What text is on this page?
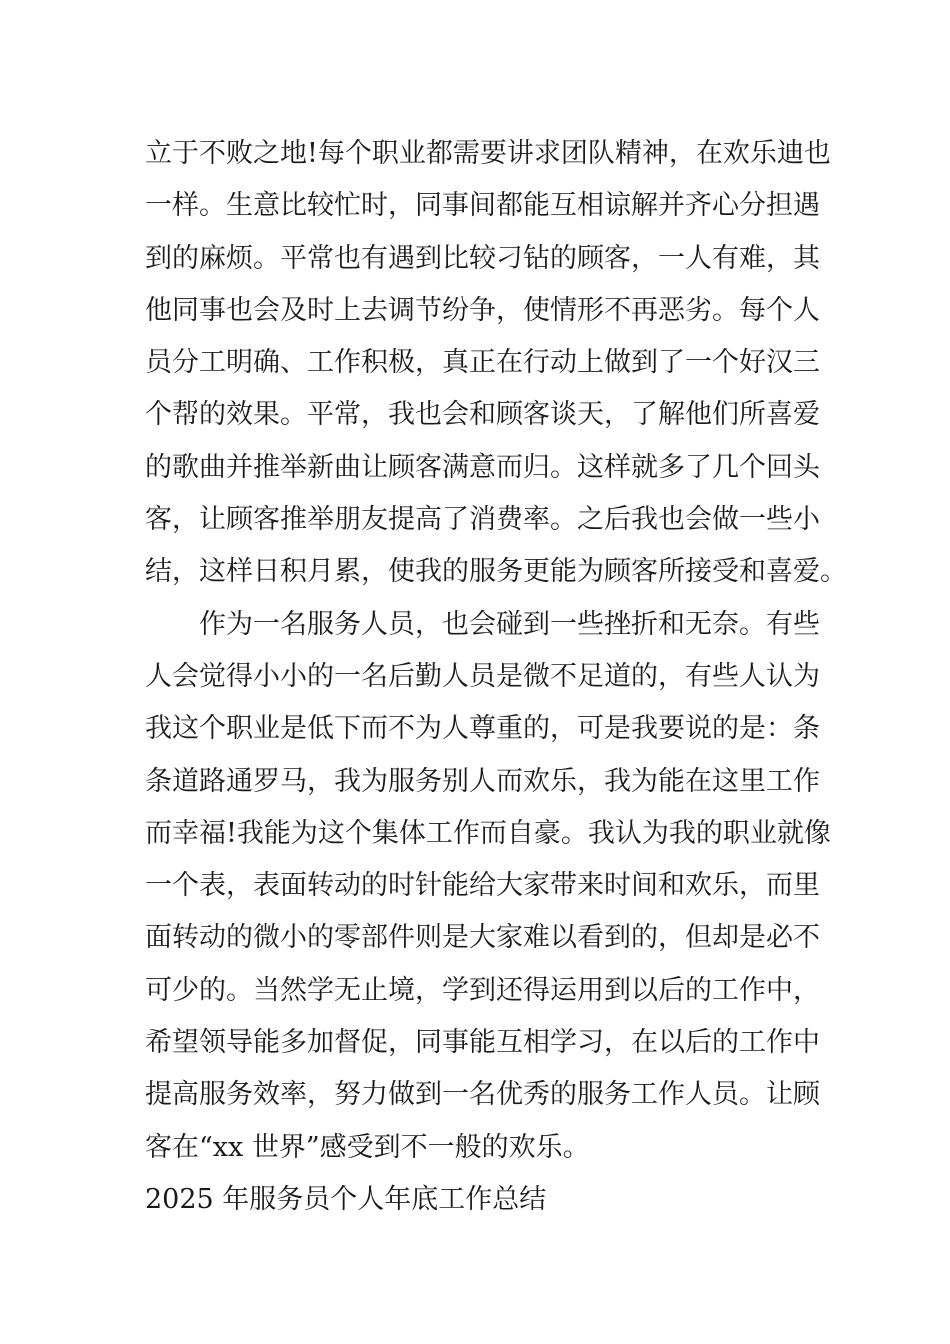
立于不败之地!每个职业都需要讲求团队精神，在欢乐迪也
一样。生意比较忙时，同事间都能互相谅解并齐心分担遇
到的麻烦。平常也有遇到比较刁钻的顾客，一人有难，其
他同事也会及时上去调节纷争，使情形不再恶劣。每个人
员分工明确、工作积极，真正在行动上做到了一个好汉三
个帮的效果。平常，我也会和顾客谈天，了解他们所喜爱
的歌曲并推举新曲让顾客满意而归。这样就多了几个回头
客，让顾客推举朋友提高了消费率。之后我也会做一些小
结，这样日积月累，使我的服务更能为顾客所接受和喜爱。
作为一名服务人员，也会碰到一些挫折和无奈。有些
人会觉得小小的一名后勤人员是微不足道的，有些人认为
我这个职业是低下而不为人尊重的，可是我要说的是：条
条道路通罗马，我为服务别人而欢乐，我为能在这里工作
而幸福!我能为这个集体工作而自豪。我认为我的职业就像
一个表，表面转动的时针能给大家带来时间和欢乐，而里
面转动的微小的零部件则是大家难以看到的，但却是必不
可少的。当然学无止境，学到还得运用到以后的工作中，
希望领导能多加督促，同事能互相学习，在以后的工作中
提高服务效率，努力做到一名优秀的服务工作人员。让顾
客在“xx 世界”感受到不一般的欢乐。
2025 年服务员个人年底工作总结
